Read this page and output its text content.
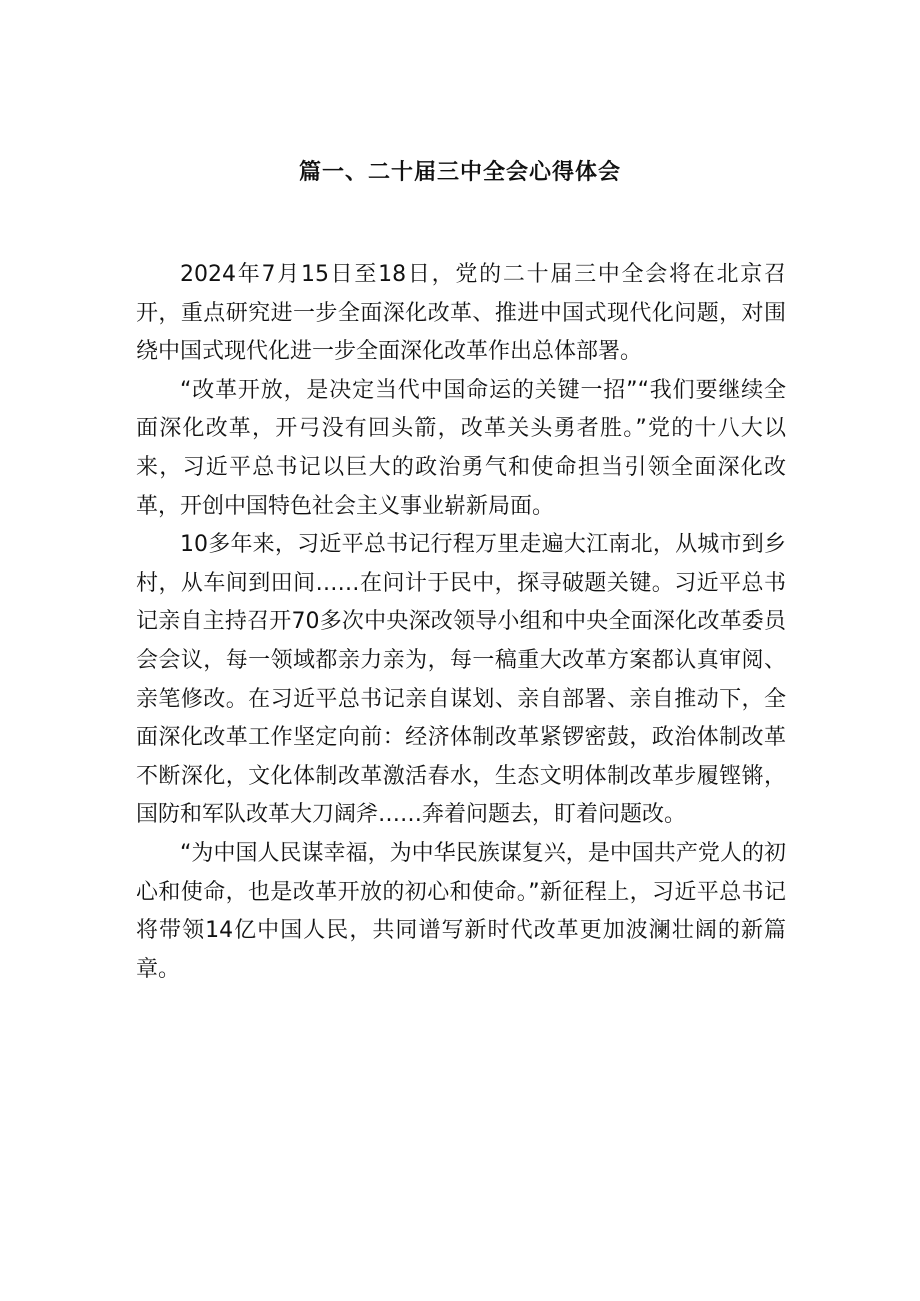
篇一、二十届三中全会心得体会

2024年7月15日至18日，党的二十届三中全会将在北京召开，重点研究进一步全面深化改革、推进中国式现代化问题，对围绕中国式现代化进一步全面深化改革作出总体部署。

“改革开放，是决定当代中国命运的关键一招”“我们要继续全面深化改革，开弓没有回头箭，改革关头勇者胜。”党的十八大以来，习近平总书记以巨大的政治勇气和使命担当引领全面深化改革，开创中国特色社会主义事业崭新局面。

10多年来，习近平总书记行程万里走遍大江南北，从城市到乡村，从车间到田间……在问计于民中，探寻破题关键。习近平总书记亲自主持召开70多次中央深改领导小组和中央全面深化改革委员会会议，每一领域都亲力亲为，每一稿重大改革方案都认真审阅、亲笔修改。在习近平总书记亲自谋划、亲自部署、亲自推动下，全面深化改革工作坚定向前：经济体制改革紧锣密鼓，政治体制改革不断深化，文化体制改革激活春水，生态文明体制改革步履铿锵，国防和军队改革大刀阔斧……奔着问题去，盯着问题改。

“为中国人民谋幸福，为中华民族谋复兴，是中国共产党人的初心和使命，也是改革开放的初心和使命。”新征程上，习近平总书记将带领14亿中国人民，共同谱写新时代改革更加波澜壮阔的新篇章。
